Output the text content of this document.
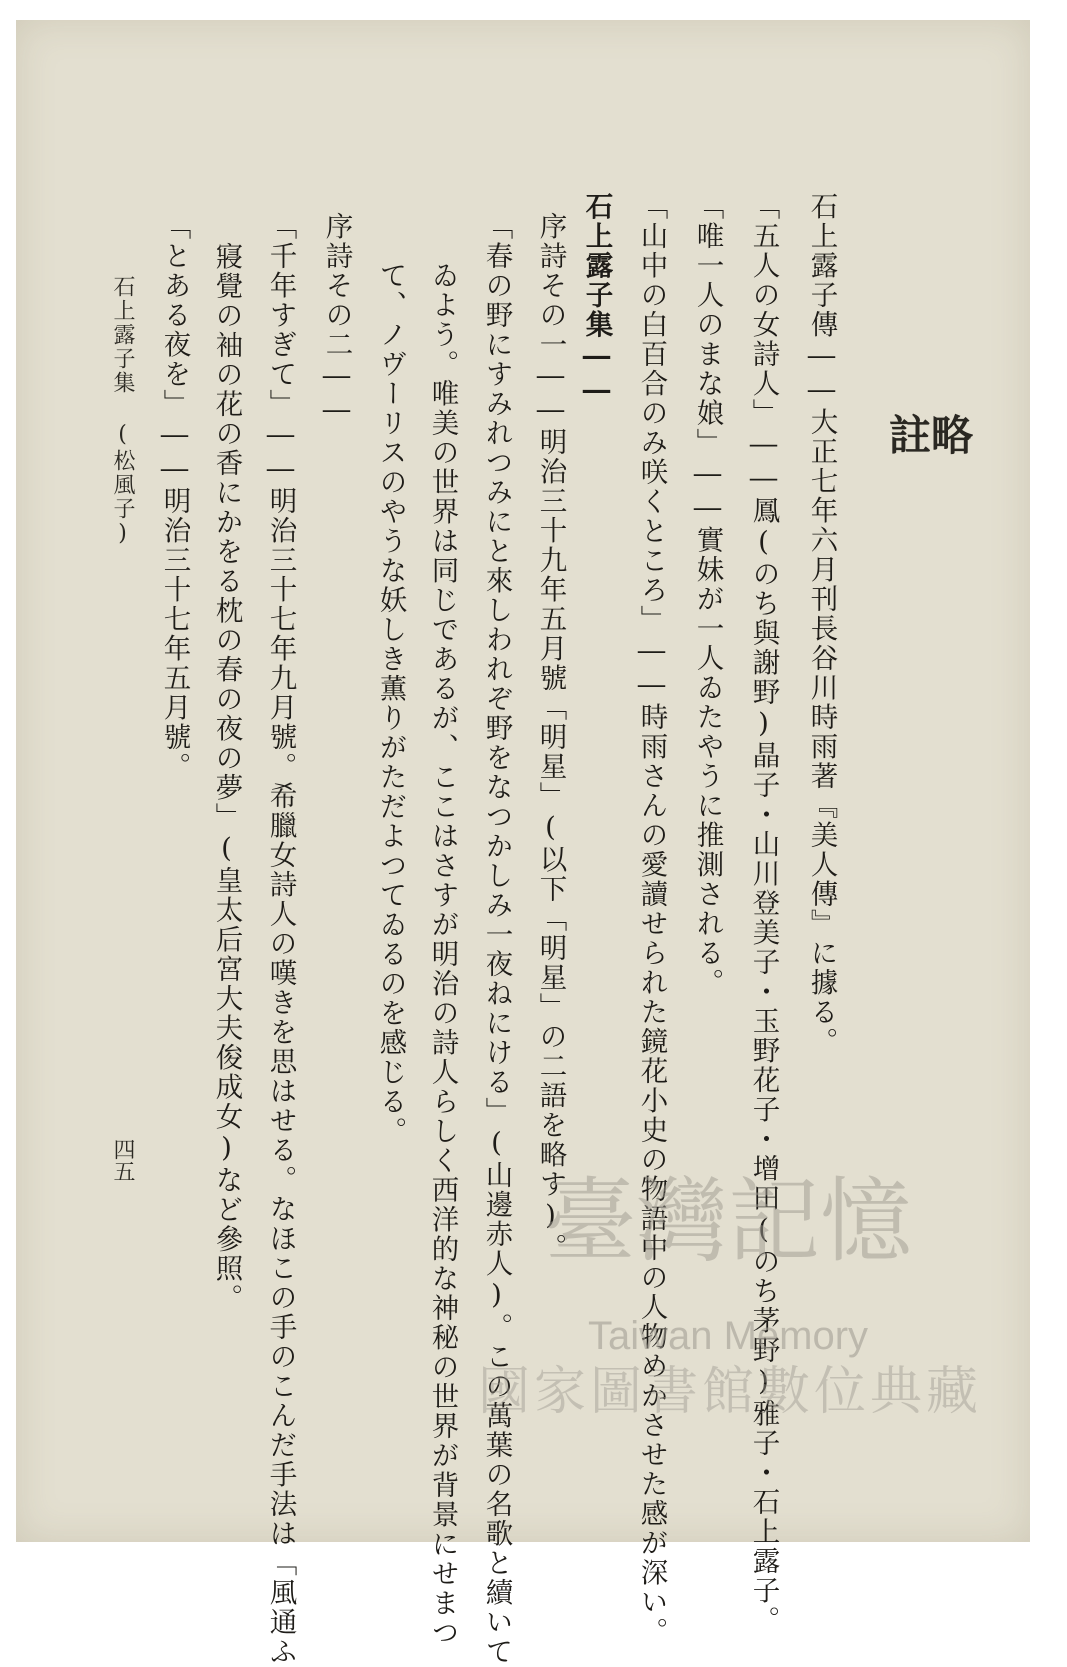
略
註
石上露子傳――大正七年六月刊長谷川時雨著『美人傳』に據る。
「五人の女詩人」――鳳(のち與謝野)晶子・山川登美子・玉野花子・增田(のち茅野)雅子・石上露子。
「唯一人のまな娘」――實妹が一人ゐたやうに推測される。
「山中の白百合のみ咲くところ」――時雨さんの愛讀せられた鏡花小史の物語中の人物めかさせた感が深い。
石上露子集――
序詩その一――明治三十九年五月號「明星」(以下「明星」の二語を略す)。
「春の野にすみれつみにと來しわれぞ野をなつかしみ一夜ねにける」(山邊赤人)。この萬葉の名歌と續いて
ゐよう。唯美の世界は同じであるが、ここはさすが明治の詩人らしく西洋的な神秘の世界が背景にせまつ
て、ノヴーリスのやうな妖しき薫りがただよつてゐるのを感じる。
序詩その二――
「千年すぎて」――明治三十七年九月號。希臘女詩人の嘆きを思はせる。なほこの手のこんだ手法は「風通ふ
寢覺の袖の花の香にかをる枕の春の夜の夢」(皇太后宮大夫俊成女)など參照。
「とある夜を」――明治三十七年五月號。
石上露子集 (松風子)
四五
臺灣記憶
Taiwan Memory
國家圖書館數位典藏
